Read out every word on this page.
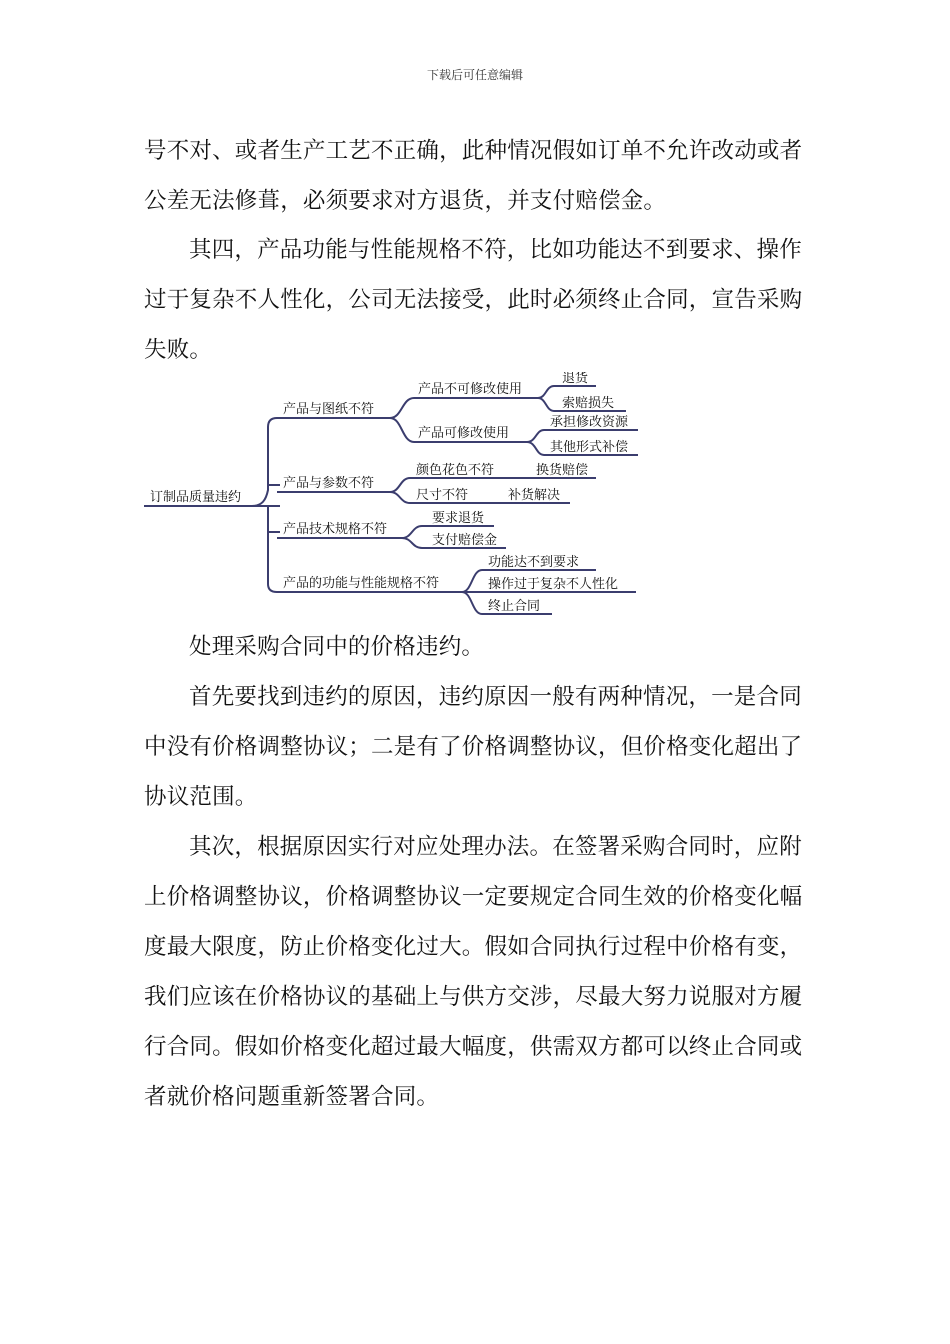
下载后可任意编辑

号不对、或者生产工艺不正确，此种情况假如订单不允许改动或者公差无法修葺，必须要求对方退货，并支付赔偿金。

其四，产品功能与性能规格不符，比如功能达不到要求、操作过于复杂不人性化，公司无法接受，此时必须终止合同，宣告采购失败。

订制品质量违约
产品与图纸不符
产品不可修改使用
退货
索赔损失
产品可修改使用
承担修改资源
其他形式补偿
产品与参数不符
颜色花色不符	换货赔偿
尺寸不符	补货解决
产品技术规格不符
要求退货
支付赔偿金
产品的功能与性能规格不符
功能达不到要求
操作过于复杂不人性化
终止合同

处理采购合同中的价格违约。

首先要找到违约的原因，违约原因一般有两种情况，一是合同中没有价格调整协议；二是有了价格调整协议，但价格变化超出了协议范围。

其次，根据原因实行对应处理办法。在签署采购合同时，应附上价格调整协议，价格调整协议一定要规定合同生效的价格变化幅度最大限度，防止价格变化过大。假如合同执行过程中价格有变，我们应该在价格协议的基础上与供方交涉，尽最大努力说服对方履行合同。假如价格变化超过最大幅度，供需双方都可以终止合同或者就价格问题重新签署合同。
